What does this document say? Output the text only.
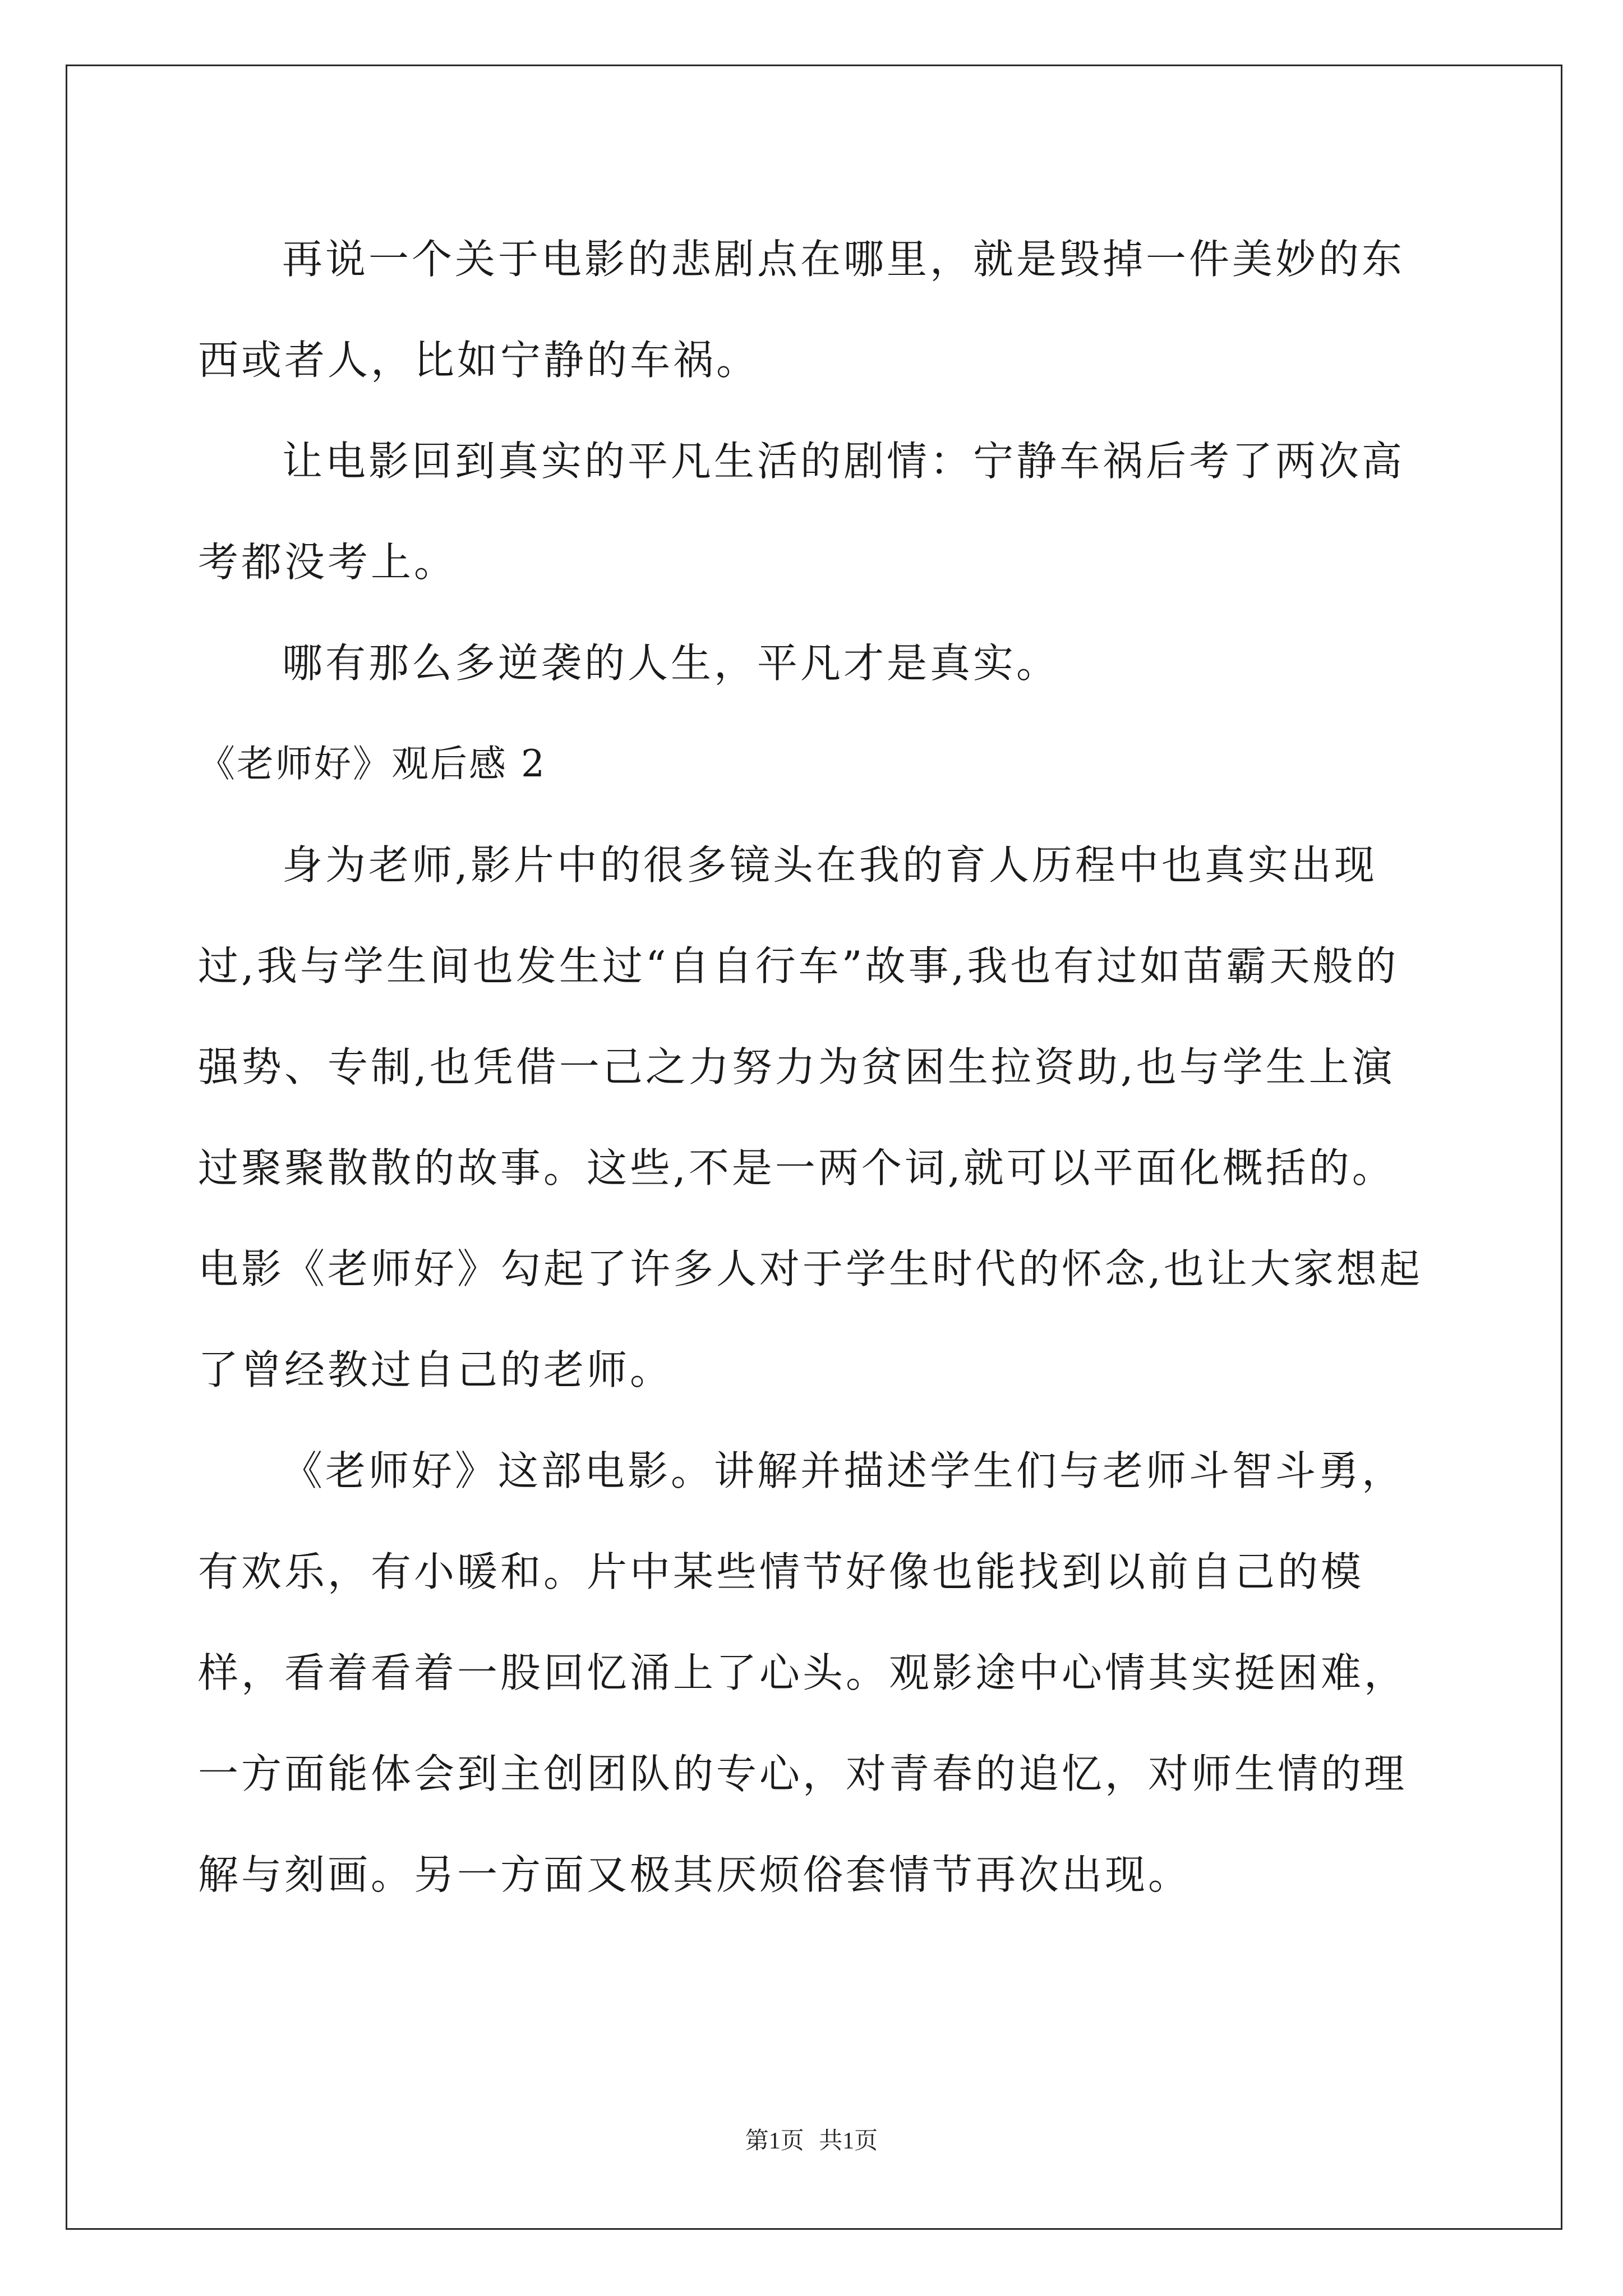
再说一个关于电影的悲剧点在哪里，就是毁掉一件美妙的东西或者人，比如宁静的车祸。

让电影回到真实的平凡生活的剧情：宁静车祸后考了两次高考都没考上。

哪有那么多逆袭的人生，平凡才是真实。

《老师好》观后感 2

身为老师,影片中的很多镜头在我的育人历程中也真实出现过,我与学生间也发生过“自自行车”故事,我也有过如苗霸天般的强势、专制,也凭借一己之力努力为贫困生拉资助,也与学生上演过聚聚散散的故事。这些,不是一两个词,就可以平面化概括的。电影《老师好》勾起了许多人对于学生时代的怀念,也让大家想起了曾经教过自己的老师。

《老师好》这部电影。讲解并描述学生们与老师斗智斗勇，有欢乐，有小暖和。片中某些情节好像也能找到以前自己的模样，看着看着一股回忆涌上了心头。观影途中心情其实挺困难，一方面能体会到主创团队的专心，对青春的追忆，对师生情的理解与刻画。另一方面又极其厌烦俗套情节再次出现。

第1页 共1页
